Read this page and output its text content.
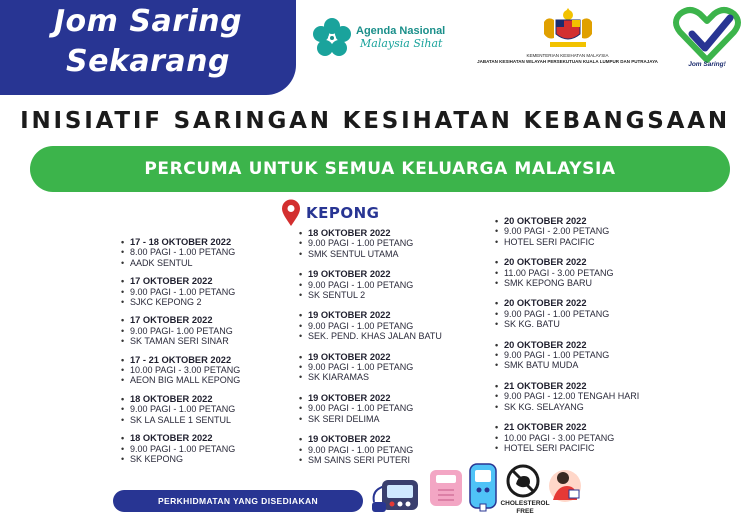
Jom Saring
Sekarang
Agenda Nasional
Malaysia Sihat
KEMENTERIAN KESIHATAN MALAYSIA
JABATAN KESIHATAN WILAYAH PERSEKUTUAN KUALA LUMPUR DAN PUTRAJAYA	Jom Saring!
INISIATIF SARINGAN KESIHATAN KEBANGSAAN
PERCUMA UNTUK SEMUA KELUARGA MALAYSIA
KEPONG
• 17 - 18 OKTOBER 2022
• 8.00 PAGI - 1.00 PETANG
• AADK SENTUL
• 17 OKTOBER 2022
• 9.00 PAGI - 1.00 PETANG
• SJKC KEPONG 2
• 17 OKTOBER 2022
• 9.00 PAGI- 1.00 PETANG
• SK TAMAN SERI SINAR
• 17 - 21 OKTOBER 2022
• 10.00 PAGI - 3.00 PETANG
• AEON BIG MALL KEPONG
• 18 OKTOBER 2022
• 9.00 PAGI - 1.00 PETANG
• SK LA SALLE 1 SENTUL
• 18 OKTOBER 2022
• 9.00 PAGI - 1.00 PETANG
• SK KEPONG
• 18 OKTOBER 2022
• 9.00 PAGI - 1.00 PETANG
• SMK SENTUL UTAMA
• 19 OKTOBER 2022
• 9.00 PAGI - 1.00 PETANG
• SK SENTUL 2
• 19 OKTOBER 2022
• 9.00 PAGI - 1.00 PETANG
• SEK. PEND. KHAS JALAN BATU
• 19 OKTOBER 2022
• 9.00 PAGI - 1.00 PETANG
• SK KIARAMAS
• 19 OKTOBER 2022
• 9.00 PAGI - 1.00 PETANG
• SK SERI DELIMA
• 19 OKTOBER 2022
• 9.00 PAGI - 1.00 PETANG
• SM SAINS SERI PUTERI
• 20 OKTOBER 2022
• 9.00 PAGI - 2.00 PETANG
• HOTEL SERI PACIFIC
• 20 OKTOBER 2022
• 11.00 PAGI - 3.00 PETANG
• SMK KEPONG BARU
• 20 OKTOBER 2022
• 9.00 PAGI - 1.00 PETANG
• SK KG. BATU
• 20 OKTOBER 2022
• 9.00 PAGI - 1.00 PETANG
• SMK BATU MUDA
• 21 OKTOBER 2022
• 9.00 PAGI - 12.00 TENGAH HARI
• SK KG. SELAYANG
• 21 OKTOBER 2022
• 10.00 PAGI - 3.00 PETANG
• HOTEL SERI PACIFIC
PERKHIDMATAN YANG DISEDIAKAN	CHOLESTEROL FREE
